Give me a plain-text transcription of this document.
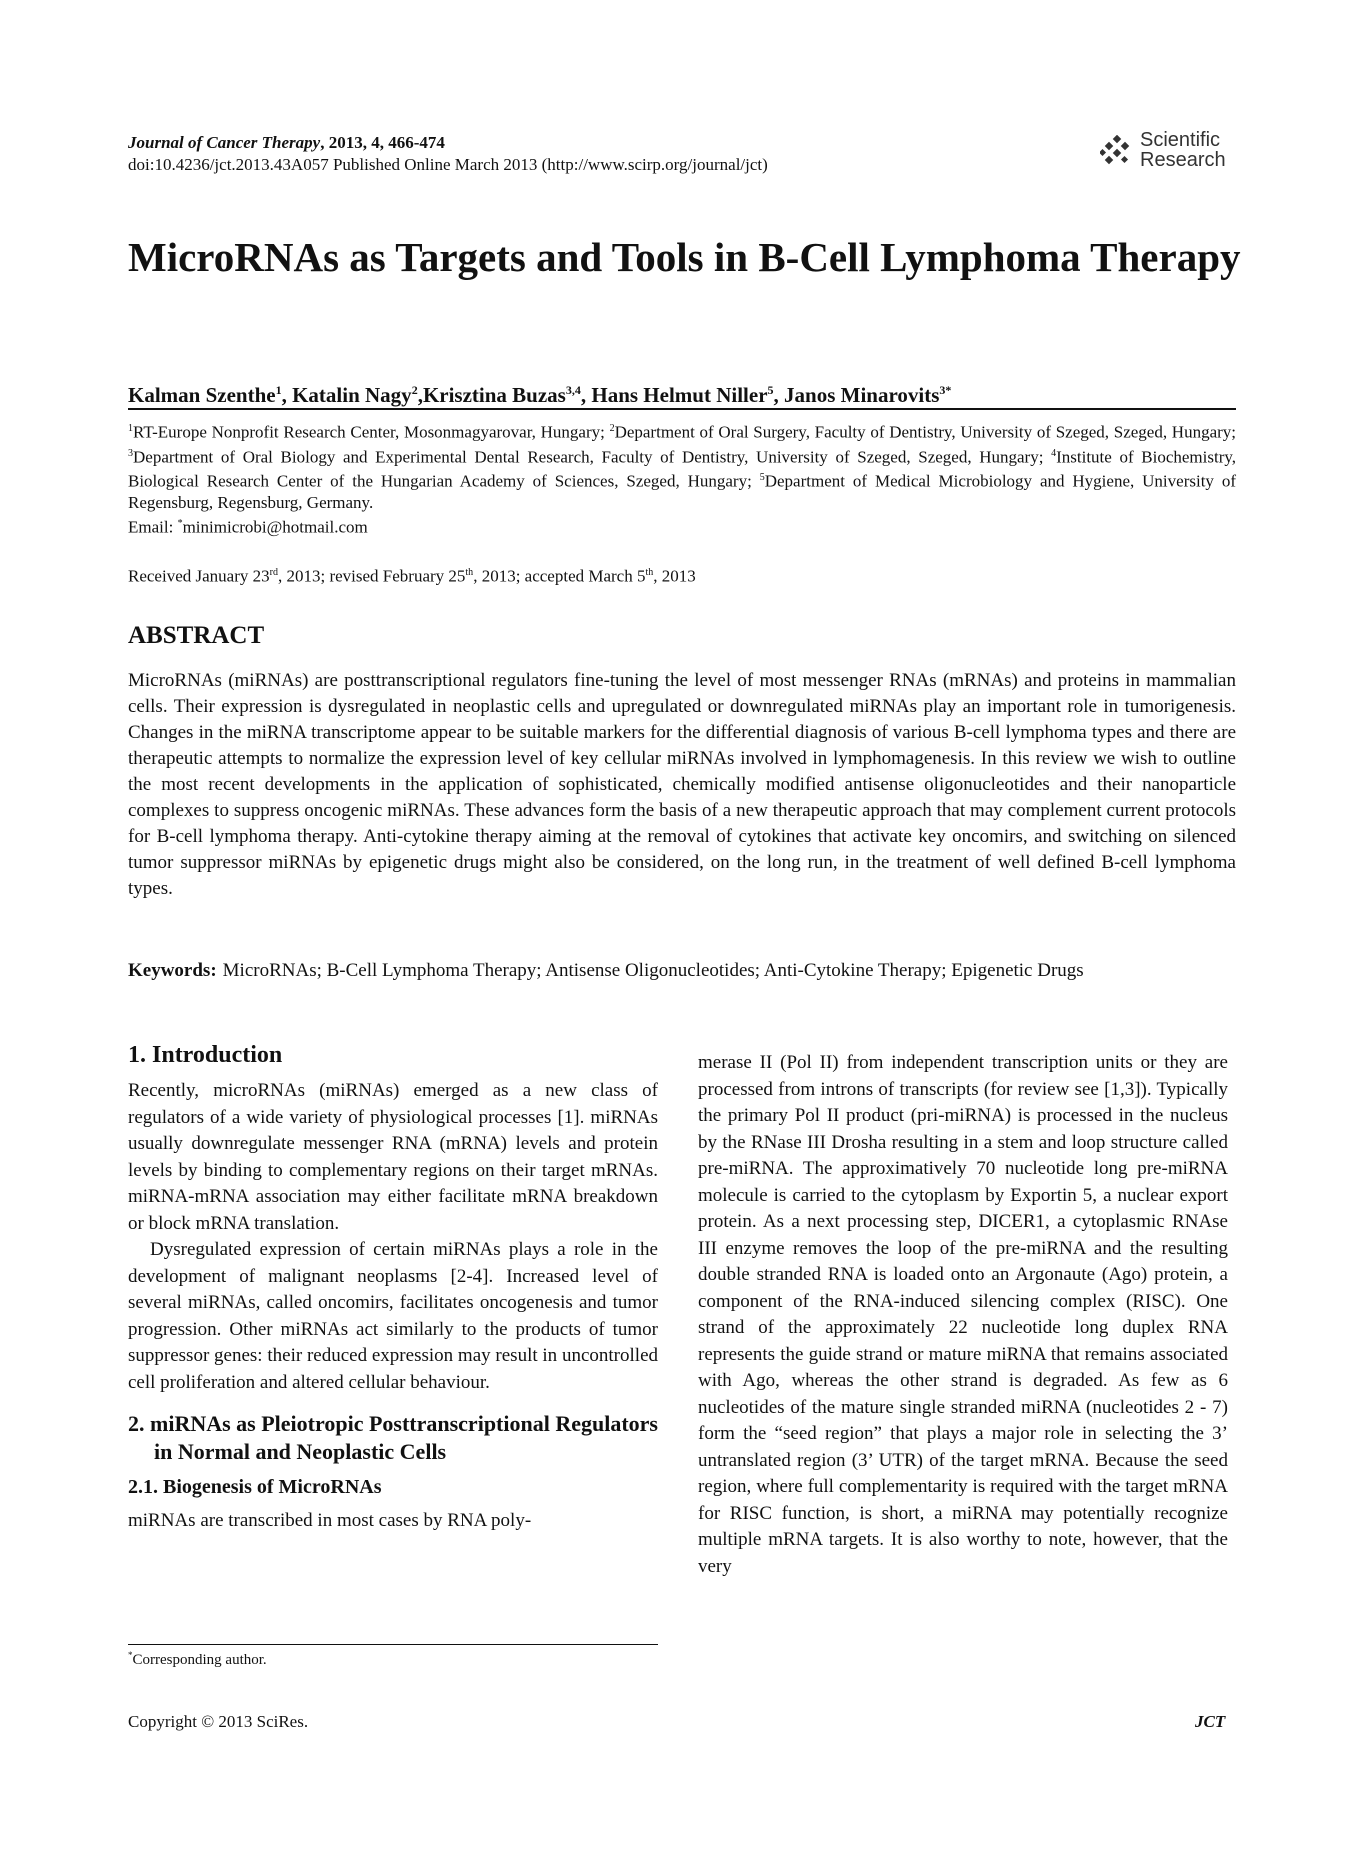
Journal of Cancer Therapy, 2013, 4, 466-474
doi:10.4236/jct.2013.43A057 Published Online March 2013 (http://www.scirp.org/journal/jct)
Scientific
Research
MicroRNAs as Targets and Tools in B-Cell Lymphoma Therapy
Kalman Szenthe$^1$, Katalin Nagy$^2$,Krisztina Buzas$^{3,4}$, Hans Helmut Niller$^5$, Janos Minarovits$^{3*}$
$^1$RT-Europe Nonprofit Research Center, Mosonmagyarovar, Hungary; $^2$Department of Oral Surgery, Faculty of Dentistry, University of Szeged, Szeged, Hungary; $^3$Department of Oral Biology and Experimental Dental Research, Faculty of Dentistry, University of Szeged, Szeged, Hungary; $^4$Institute of Biochemistry, Biological Research Center of the Hungarian Academy of Sciences, Szeged, Hungary; $^5$Department of Medical Microbiology and Hygiene, University of Regensburg, Regensburg, Germany.
Email: *minimicrobi@hotmail.com
Received January 23rd, 2013; revised February 25th, 2013; accepted March 5th, 2013
ABSTRACT
MicroRNAs (miRNAs) are posttranscriptional regulators fine-tuning the level of most messenger RNAs (mRNAs) and proteins in mammalian cells. Their expression is dysregulated in neoplastic cells and upregulated or downregulated miRNAs play an important role in tumorigenesis. Changes in the miRNA transcriptome appear to be suitable markers for the differential diagnosis of various B-cell lymphoma types and there are therapeutic attempts to normalize the expression level of key cellular miRNAs involved in lymphomagenesis. In this review we wish to outline the most recent developments in the application of sophisticated, chemically modified antisense oligonucleotides and their nanoparticle complexes to suppress oncogenic miRNAs. These advances form the basis of a new therapeutic approach that may complement current protocols for B-cell lymphoma therapy. Anti-cytokine therapy aiming at the removal of cytokines that activate key oncomirs, and switching on silenced tumor suppressor miRNAs by epigenetic drugs might also be considered, on the long run, in the treatment of well defined B-cell lymphoma types.
Keywords: MicroRNAs; B-Cell Lymphoma Therapy; Antisense Oligonucleotides; Anti-Cytokine Therapy; Epigenetic Drugs
1. Introduction

Recently, microRNAs (miRNAs) emerged as a new class of regulators of a wide variety of physiological processes [1]. miRNAs usually downregulate messenger RNA (mRNA) levels and protein levels by binding to complementary regions on their target mRNAs. miRNA-mRNA association may either facilitate mRNA breakdown or block mRNA translation.

Dysregulated expression of certain miRNAs plays a role in the development of malignant neoplasms [2-4]. Increased level of several miRNAs, called oncomirs, facilitates oncogenesis and tumor progression. Other miRNAs act similarly to the products of tumor suppressor genes: their reduced expression may result in uncontrolled cell proliferation and altered cellular behaviour.

2. miRNAs as Pleiotropic Posttranscriptional Regulators in Normal and Neoplastic Cells
2.1. Biogenesis of MicroRNAs

miRNAs are transcribed in most cases by RNA poly-

merase II (Pol II) from independent transcription units or they are processed from introns of transcripts (for review see [1,3]). Typically the primary Pol II product (pri-miRNA) is processed in the nucleus by the RNase III Drosha resulting in a stem and loop structure called pre-miRNA. The approximatively 70 nucleotide long pre-miRNA molecule is carried to the cytoplasm by Exportin 5, a nuclear export protein. As a next processing step, DICER1, a cytoplasmic RNAse III enzyme removes the loop of the pre-miRNA and the resulting double stranded RNA is loaded onto an Argonaute (Ago) protein, a component of the RNA-induced silencing complex (RISC). One strand of the approximately 22 nucleotide long duplex RNA represents the guide strand or mature miRNA that remains associated with Ago, whereas the other strand is degraded. As few as 6 nucleotides of the mature single stranded miRNA (nucleotides 2 - 7) form the “seed region” that plays a major role in selecting the 3’ untranslated region (3’ UTR) of the target mRNA. Because the seed region, where full complementarity is required with the target mRNA for RISC function, is short, a miRNA may potentially recognize multiple mRNA targets. It is also worthy to note, however, that the very

*Corresponding author.
Copyright © 2013 SciRes.	JCT
